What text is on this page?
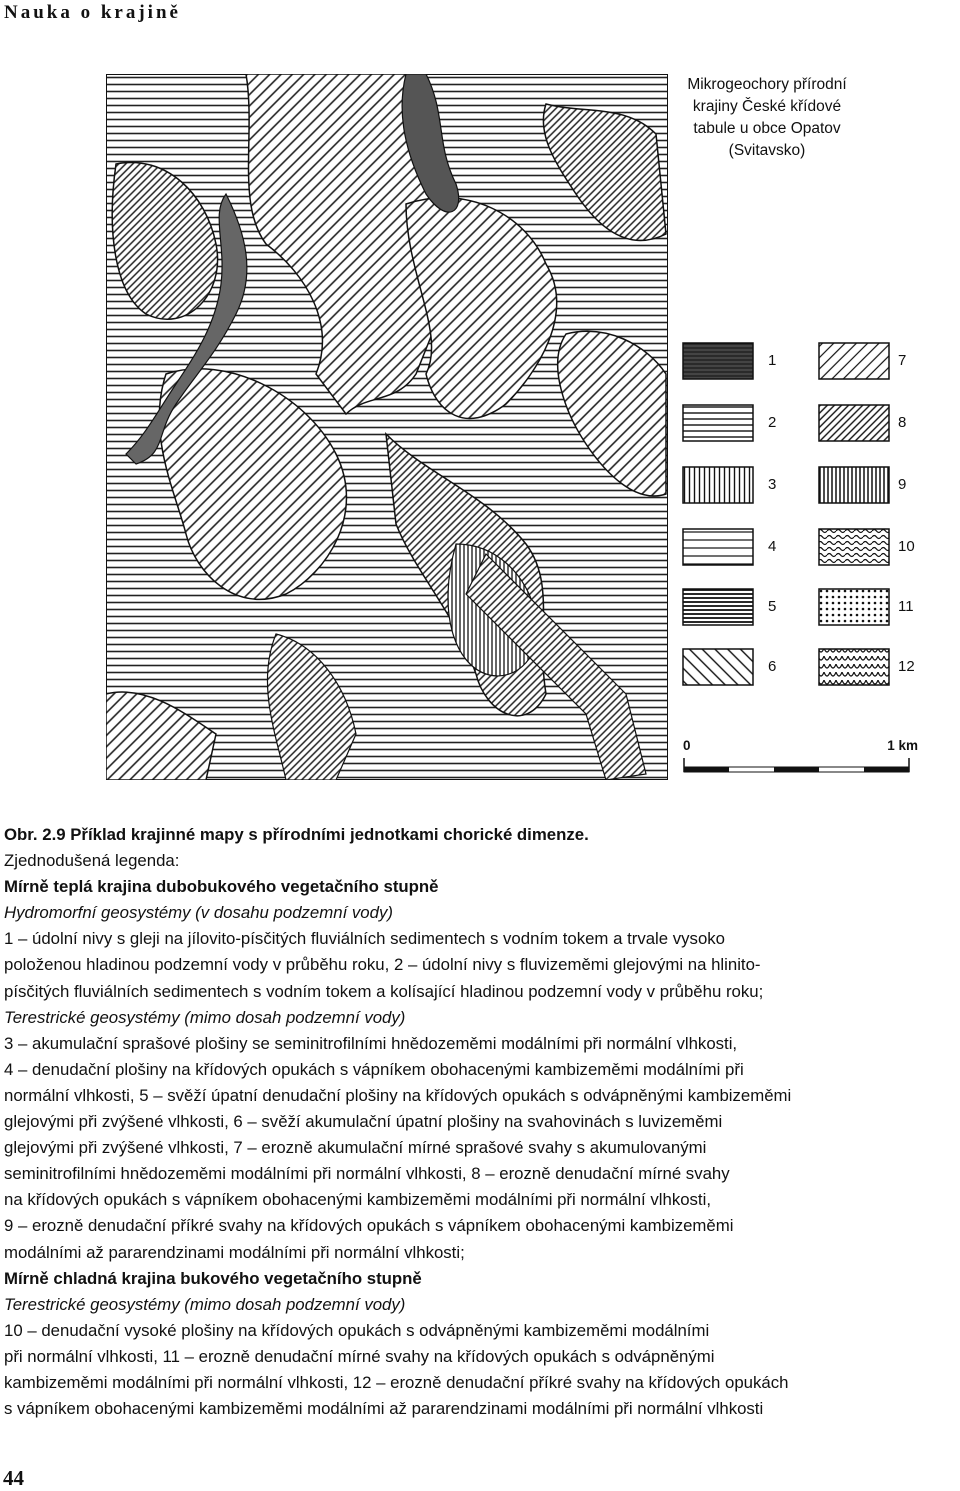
Nauka o krajině
Mikrogeochory přírodní
krajiny České křídové
tabule u obce Opatov
(Svitavsko)
1
2
3
4
5
6
7
8
9
10
11
12
0	1 km
Obr. 2.9 Příklad krajinné mapy s přírodními jednotkami chorické dimenze.
Zjednodušená legenda:
Mírně teplá krajina dubobukového vegetačního stupně
Hydromorfní geosystémy (v dosahu podzemní vody)
1 – údolní nivy s gleji na jílovito-písčitých fluviálních sedimentech s vodním tokem a trvale vysoko
položenou hladinou podzemní vody v průběhu roku, 2 – údolní nivy s fluvizeměmi glejovými na hlinito-
písčitých fluviálních sedimentech s vodním tokem a kolísající hladinou podzemní vody v průběhu roku;
Terestrické geosystémy (mimo dosah podzemní vody)
3 – akumulační sprašové plošiny se seminitrofilními hnědozeměmi modálními při normální vlhkosti,
4 – denudační plošiny na křídových opukách s vápníkem obohacenými kambizeměmi modálními při
normální vlhkosti, 5 – svěží úpatní denudační plošiny na křídových opukách s odvápněnými kambizeměmi
glejovými při zvýšené vlhkosti, 6 – svěží akumulační úpatní plošiny na svahovinách s luvizeměmi
glejovými při zvýšené vlhkosti, 7 – erozně akumulační mírné sprašové svahy s akumulovanými
seminitrofilními hnědozeměmi modálními při normální vlhkosti, 8 – erozně denudační mírné svahy
na křídových opukách s vápníkem obohacenými kambizeměmi modálními při normální vlhkosti,
9 – erozně denudační příkré svahy na křídových opukách s vápníkem obohacenými kambizeměmi
modálními až pararendzinami modálními při normální vlhkosti;
Mírně chladná krajina bukového vegetačního stupně
Terestrické geosystémy (mimo dosah podzemní vody)
10 – denudační vysoké plošiny na křídových opukách s odvápněnými kambizeměmi modálními
při normální vlhkosti, 11 – erozně denudační mírné svahy na křídových opukách s odvápněnými
kambizeměmi modálními při normální vlhkosti, 12 – erozně denudační příkré svahy na křídových opukách
s vápníkem obohacenými kambizeměmi modálními až pararendzinami modálními při normální vlhkosti
44
